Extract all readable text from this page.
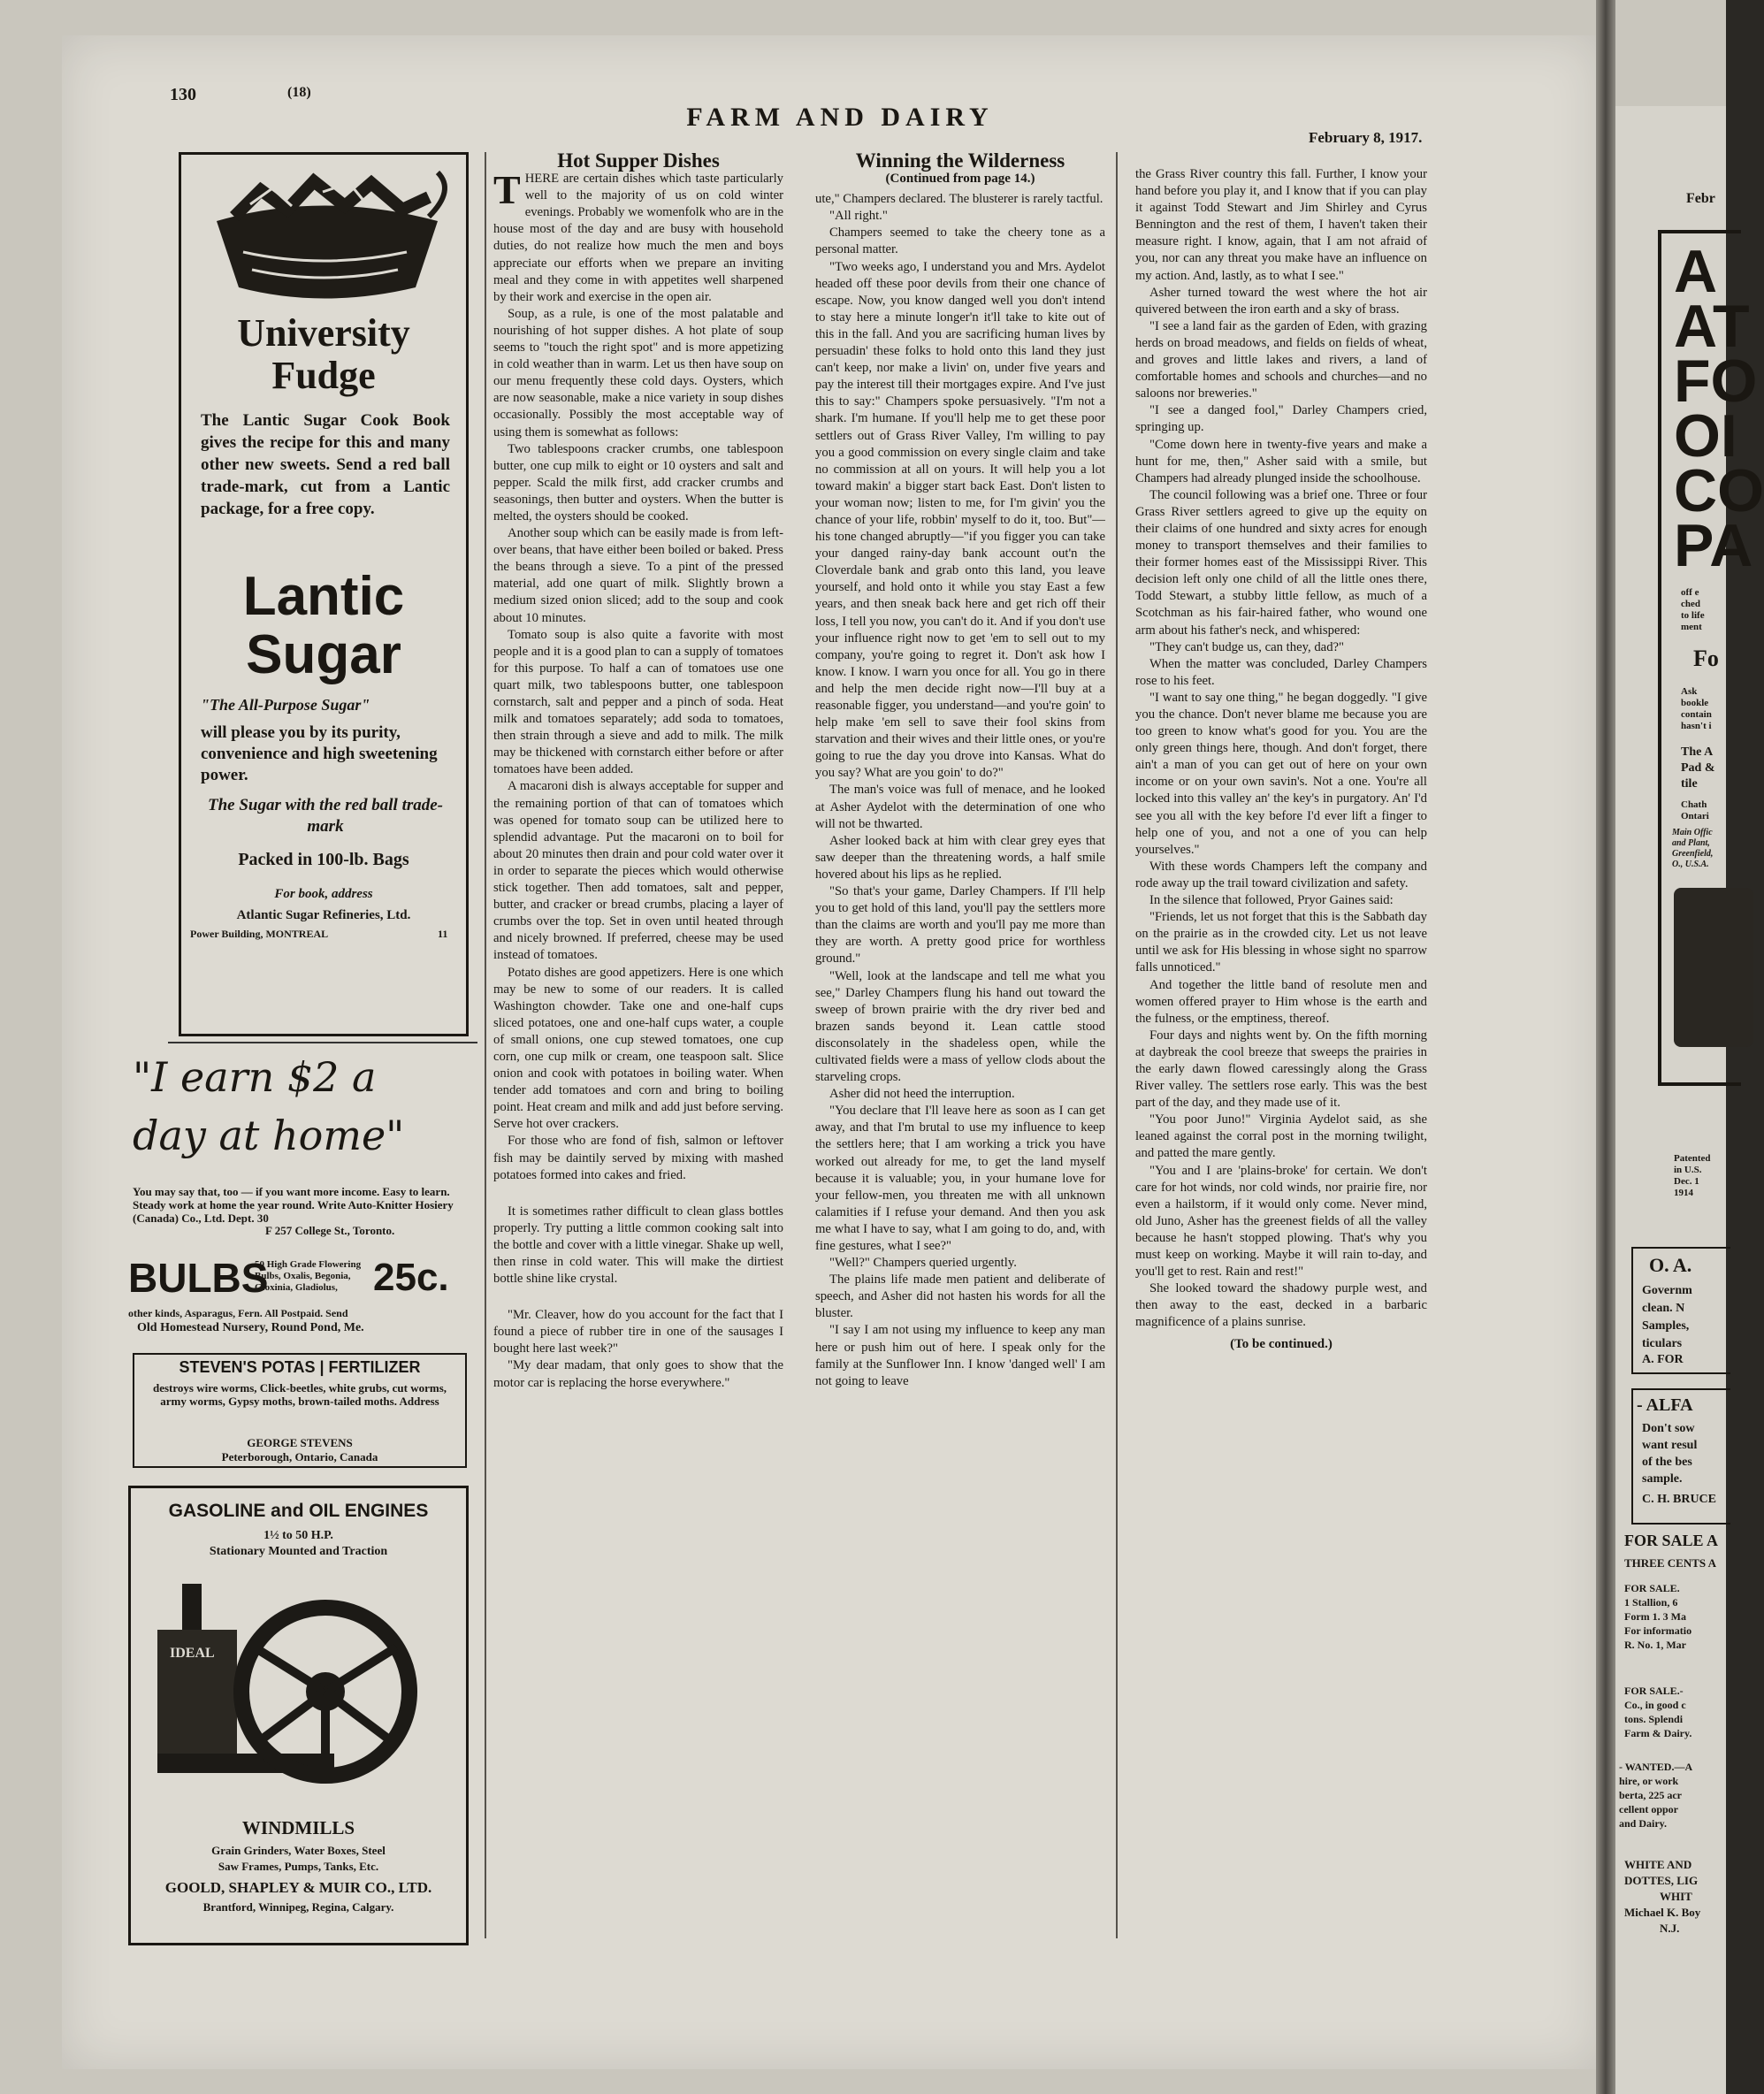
130	(18)
FARM AND DAIRY
February 8, 1917.
University
Fudge
The Lantic Sugar Cook Book gives the recipe for this and many other new sweets. Send a red ball trade-mark, cut from a Lantic package, for a free copy.
Lantic
Sugar
"The All-Purpose Sugar"
will please you by its purity, convenience and high sweetening power.
The Sugar with the red ball trade-mark
Packed in 100-lb. Bags
For book, address
Atlantic Sugar Refineries, Ltd.
Power Building, MONTREAL	11
"I earn $2 a
day at home"
You may say that, too — if you want more income. Easy to learn. Steady work at home the year round. Write Auto-Knitter Hosiery (Canada) Co., Ltd. Dept. 30
F 257 College St., Toronto.
BULBS
50 High Grade Flowering Bulbs, Oxalis, Begonia, Gloxinia, Gladiolus, 25c.
other kinds, Asparagus, Fern. All Postpaid. Send
Old Homestead Nursery, Round Pond, Me.
STEVEN'S POTAS | FERTILIZER
destroys wire worms, Click-beetles, white grubs, cut worms, army worms, Gypsy moths, brown-tailed moths. Address
GEORGE STEVENS
Peterborough, Ontario, Canada
GASOLINE and OIL ENGINES
1½ to 50 H.P.
Stationary Mounted and Traction
IDEAL
WINDMILLS
Grain Grinders, Water Boxes, Steel
Saw Frames, Pumps, Tanks, Etc.
GOOLD, SHAPLEY & MUIR CO., LTD.
Brantford, Winnipeg, Regina, Calgary.
Hot Supper Dishes

THERE are certain dishes which taste particularly well to the majority of us on cold winter evenings. Probably we womenfolk who are in the house most of the day and are busy with household duties, do not realize how much the men and boys appreciate our efforts when we prepare an inviting meal and they come in with appetites well sharpened by their work and exercise in the open air.

Soup, as a rule, is one of the most palatable and nourishing of hot supper dishes. A hot plate of soup seems to "touch the right spot" and is more appetizing in cold weather than in warm. Let us then have soup on our menu frequently these cold days. Oysters, which are now seasonable, make a nice variety in soup dishes occasionally. Possibly the most acceptable way of using them is somewhat as follows:

Two tablespoons cracker crumbs, one tablespoon butter, one cup milk to eight or 10 oysters and salt and pepper. Scald the milk first, add cracker crumbs and seasonings, then butter and oysters. When the butter is melted, the oysters should be cooked.

Another soup which can be easily made is from left-over beans, that have either been boiled or baked. Press the beans through a sieve. To a pint of the pressed material, add one quart of milk. Slightly brown a medium sized onion sliced; add to the soup and cook about 10 minutes.

Tomato soup is also quite a favorite with most people and it is a good plan to can a supply of tomatoes for this purpose. To half a can of tomatoes use one quart milk, two tablespoons butter, one tablespoon cornstarch, salt and pepper and a pinch of soda. Heat milk and tomatoes separately; add soda to tomatoes, then strain through a sieve and add to milk. The milk may be thickened with cornstarch either before or after tomatoes have been added.

A macaroni dish is always acceptable for supper and the remaining portion of that can of tomatoes which was opened for tomato soup can be utilized here to splendid advantage. Put the macaroni on to boil for about 20 minutes then drain and pour cold water over it in order to separate the pieces which would otherwise stick together. Then add tomatoes, salt and pepper, butter, and cracker or bread crumbs, placing a layer of crumbs over the top. Set in oven until heated through and nicely browned. If preferred, cheese may be used instead of tomatoes.

Potato dishes are good appetizers. Here is one which may be new to some of our readers. It is called Washington chowder. Take one and one-half cups sliced potatoes, one and one-half cups water, a couple of small onions, one cup stewed tomatoes, one cup corn, one cup milk or cream, one teaspoon salt. Slice onion and cook with potatoes in boiling water. When tender add tomatoes and corn and bring to boiling point. Heat cream and milk and add just before serving. Serve hot over crackers.

For those who are fond of fish, salmon or leftover fish may be daintily served by mixing with mashed potatoes formed into cakes and fried.

It is sometimes rather difficult to clean glass bottles properly. Try putting a little common cooking salt into the bottle and cover with a little vinegar. Shake up well, then rinse in cold water. This will make the dirtiest bottle shine like crystal.

"Mr. Cleaver, how do you account for the fact that I found a piece of rubber tire in one of the sausages I bought here last week?"

"My dear madam, that only goes to show that the motor car is replacing the horse everywhere."

Winning the Wilderness

(Continued from page 14.)

ute," Champers declared. The blusterer is rarely tactful.

"All right."

Champers seemed to take the cheery tone as a personal matter.

"Two weeks ago, I understand you and Mrs. Aydelot headed off these poor devils from their one chance of escape. Now, you know danged well you don't intend to stay here a minute longer'n it'll take to kite out of this in the fall. And you are sacrificing human lives by persuadin' these folks to hold onto this land they just can't keep, nor make a livin' on, under five years and pay the interest till their mortgages expire. And I've just this to say:" Champers spoke persuasively. "I'm not a shark. I'm humane. If you'll help me to get these poor settlers out of Grass River Valley, I'm willing to pay you a good commission on every single claim and take no commission at all on yours. It will help you a lot toward makin' a bigger start back East. Don't listen to your woman now; listen to me, for I'm givin' you the chance of your life, robbin' myself to do it, too. But"—his tone changed abruptly—"if you figger you can take your danged rainy-day bank account out'n the Cloverdale bank and grab onto this land, you leave yourself, and hold onto it while you stay East a few years, and then sneak back here and get rich off their loss, I tell you now, you can't do it. And if you don't use your influence right now to get 'em to sell out to my company, you're going to regret it. Don't ask how I know. I know. I warn you once for all. You go in there and help the men decide right now—I'll buy at a reasonable figger, you understand—and you're goin' to help make 'em sell to save their fool skins from starvation and their wives and their little ones, or you're going to rue the day you drove into Kansas. What do you say? What are you goin' to do?"

The man's voice was full of menace, and he looked at Asher Aydelot with the determination of one who will not be thwarted.

Asher looked back at him with clear grey eyes that saw deeper than the threatening words, a half smile hovered about his lips as he replied.

"So that's your game, Darley Champers. If I'll help you to get hold of this land, you'll pay the settlers more than the claims are worth and you'll pay me more than they are worth. A pretty good price for worthless ground."

"Well, look at the landscape and tell me what you see," Darley Champers flung his hand out toward the sweep of brown prairie with the dry river bed and brazen sands beyond it. Lean cattle stood disconsolately in the shadeless open, while the cultivated fields were a mass of yellow clods about the starveling crops.

Asher did not heed the interruption.

"You declare that I'll leave here as soon as I can get away, and that I'm brutal to use my influence to keep the settlers here; that I am working a trick you have worked out already for me, to get the land myself because it is valuable; you, in your humane love for your fellow-men, you threaten me with all unknown calamities if I refuse your demand. And then you ask me what I have to say, what I am going to do, and, with fine gestures, what I see?"

"Well?" Champers queried urgently.

The plains life made men patient and deliberate of speech, and Asher did not hasten his words for all the bluster.

"I say I am not using my influence to keep any man here or push him out of here. I speak only for the family at the Sunflower Inn. I know 'danged well' I am not going to leave

the Grass River country this fall. Further, I know your hand before you play it, and I know that if you can play it against Todd Stewart and Jim Shirley and Cyrus Bennington and the rest of them, I haven't taken their measure right. I know, again, that I am not afraid of you, nor can any threat you make have an influence on my action. And, lastly, as to what I see."

Asher turned toward the west where the hot air quivered between the iron earth and a sky of brass.

"I see a land fair as the garden of Eden, with grazing herds on broad meadows, and fields on fields of wheat, and groves and little lakes and rivers, a land of comfortable homes and schools and churches—and no saloons nor breweries."

"I see a danged fool," Darley Champers cried, springing up.

"Come down here in twenty-five years and make a hunt for me, then," Asher said with a smile, but Champers had already plunged inside the schoolhouse.

The council following was a brief one. Three or four Grass River settlers agreed to give up the equity on their claims of one hundred and sixty acres for enough money to transport themselves and their families to their former homes east of the Mississippi River. This decision left only one child of all the little ones there, Todd Stewart, a stubby little fellow, as much of a Scotchman as his fair-haired father, who wound one arm about his father's neck, and whispered:

"They can't budge us, can they, dad?"

When the matter was concluded, Darley Champers rose to his feet.

"I want to say one thing," he began doggedly. "I give you the chance. Don't never blame me because you are too green to know what's good for you. You are the only green things here, though. And don't forget, there ain't a man of you can get out of here on your own income or on your own savin's. Not a one. You're all locked into this valley an' the key's in purgatory. An' I'd see you all with the key before I'd ever lift a finger to help one of you, and not a one of you can help yourselves."

With these words Champers left the company and rode away up the trail toward civilization and safety.

In the silence that followed, Pryor Gaines said:

"Friends, let us not forget that this is the Sabbath day on the prairie as in the crowded city. Let us not leave until we ask for His blessing in whose sight no sparrow falls unnoticed."

And together the little band of resolute men and women offered prayer to Him whose is the earth and the fulness, or the emptiness, thereof.

Four days and nights went by. On the fifth morning at daybreak the cool breeze that sweeps the prairies in the early dawn flowed caressingly along the Grass River valley. The settlers rose early. This was the best part of the day, and they made use of it.

"You poor Juno!" Virginia Aydelot said, as she leaned against the corral post in the morning twilight, and patted the mare gently.

"You and I are 'plains-broke' for certain. We don't care for hot winds, nor cold winds, nor prairie fire, nor even a hailstorm, if it would only come. Never mind, old Juno, Asher has the greenest fields of all the valley because he hasn't stopped plowing. That's why you must keep on working. Maybe it will rain to-day, and you'll get to rest. Rain and rest!"

She looked toward the shadowy purple west, and then away to the east, decked in a barbaric magnificence of a plains sunrise.

(To be continued.)

Febr
A
AT
FO
OI
CO
PA
off e
ched
to life
ment
Fo
Ask
bookle
contain
hasn't i
The A
Pad &
tile
Chath
Ontari
Main Offic
and Plant,
Greenfield,
O., U.S.A.
Patented
in U.S.
Dec. 1
1914
O. A.
Governm
clean. N
Samples,
ticulars
A. FOR
- ALFA
Don't sow
want resul
of the bes
sample.
C. H. BRUCE
FOR SALE A
THREE CENTS A
FOR SALE.
1 Stallion, 6
Form 1. 3 Ma
For informatio
R. No. 1, Mar
FOR SALE.-
Co., in good c
tons. Splendi
Farm & Dairy.
- WANTED.—A
hire, or work
berta, 225 acr
cellent oppor
and Dairy.
WHITE AND
DOTTES, LIG
WHIT
Michael K. Boy
N.J.
